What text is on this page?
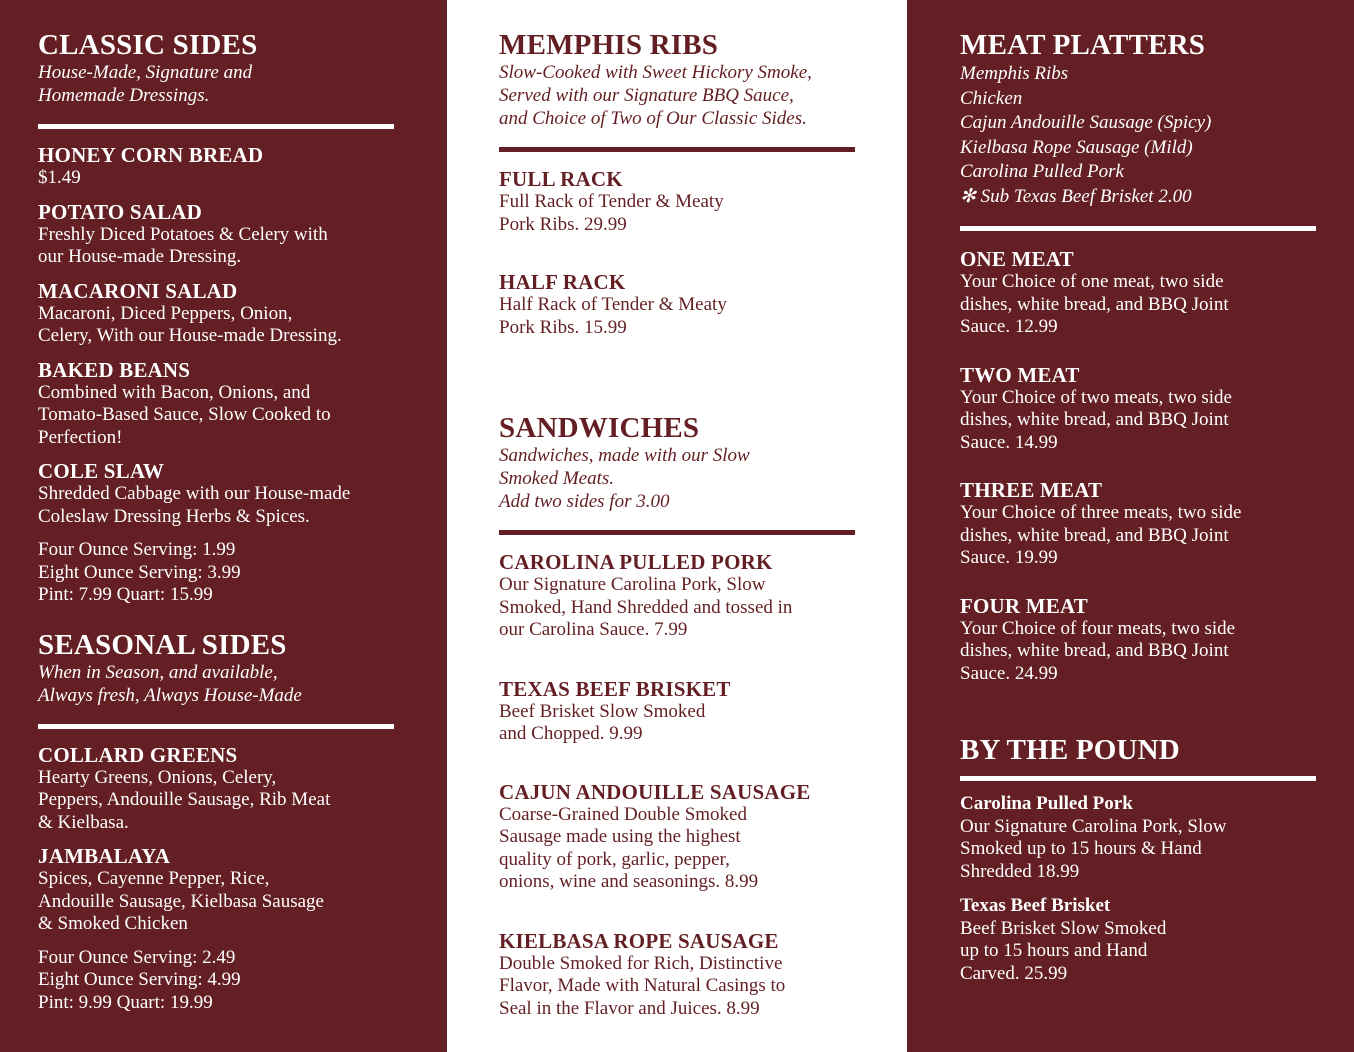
CLASSIC SIDES
House-Made, Signature and
Homemade Dressings.
HONEY CORN BREAD
$1.49
POTATO SALAD
Freshly Diced Potatoes & Celery with
our House-made Dressing.
MACARONI SALAD
Macaroni, Diced Peppers, Onion,
Celery, With our House-made Dressing.
BAKED BEANS
Combined with Bacon, Onions, and
Tomato-Based Sauce, Slow Cooked to
Perfection!
COLE SLAW
Shredded Cabbage with our House-made
Coleslaw Dressing Herbs & Spices.
Four Ounce Serving: 1.99
Eight Ounce Serving: 3.99
Pint: 7.99 Quart: 15.99
SEASONAL SIDES
When in Season, and available,
Always fresh, Always House-Made
COLLARD GREENS
Hearty Greens, Onions, Celery,
Peppers, Andouille Sausage, Rib Meat
& Kielbasa.
JAMBALAYA
Spices, Cayenne Pepper, Rice,
Andouille Sausage, Kielbasa Sausage
& Smoked Chicken
Four Ounce Serving: 2.49
Eight Ounce Serving: 4.99
Pint: 9.99 Quart: 19.99
MEMPHIS RIBS
Slow-Cooked with Sweet Hickory Smoke,
Served with our Signature BBQ Sauce,
and Choice of Two of Our Classic Sides.
FULL RACK
Full Rack of Tender & Meaty
Pork Ribs. 29.99
HALF RACK
Half Rack of Tender & Meaty
Pork Ribs. 15.99
SANDWICHES
Sandwiches, made with our Slow
Smoked Meats.
Add two sides for 3.00
CAROLINA PULLED PORK
Our Signature Carolina Pork, Slow
Smoked, Hand Shredded and tossed in
our Carolina Sauce. 7.99
TEXAS BEEF BRISKET
Beef Brisket Slow Smoked
and Chopped. 9.99
CAJUN ANDOUILLE SAUSAGE
Coarse-Grained Double Smoked
Sausage made using the highest
quality of pork, garlic, pepper,
onions, wine and seasonings. 8.99
KIELBASA ROPE SAUSAGE
Double Smoked for Rich, Distinctive
Flavor, Made with Natural Casings to
Seal in the Flavor and Juices. 8.99
MEAT PLATTERS
Memphis Ribs
Chicken
Cajun Andouille Sausage (Spicy)
Kielbasa Rope Sausage (Mild)
Carolina Pulled Pork
✻ Sub Texas Beef Brisket 2.00
ONE MEAT
Your Choice of one meat, two side
dishes, white bread, and BBQ Joint
Sauce. 12.99
TWO MEAT
Your Choice of two meats, two side
dishes, white bread, and BBQ Joint
Sauce. 14.99
THREE MEAT
Your Choice of three meats, two side
dishes, white bread, and BBQ Joint
Sauce. 19.99
FOUR MEAT
Your Choice of four meats, two side
dishes, white bread, and BBQ Joint
Sauce. 24.99
BY THE POUND
Carolina Pulled Pork
Our Signature Carolina Pork, Slow
Smoked up to 15 hours & Hand
Shredded 18.99
Texas Beef Brisket
Beef Brisket Slow Smoked
up to 15 hours and Hand
Carved. 25.99
